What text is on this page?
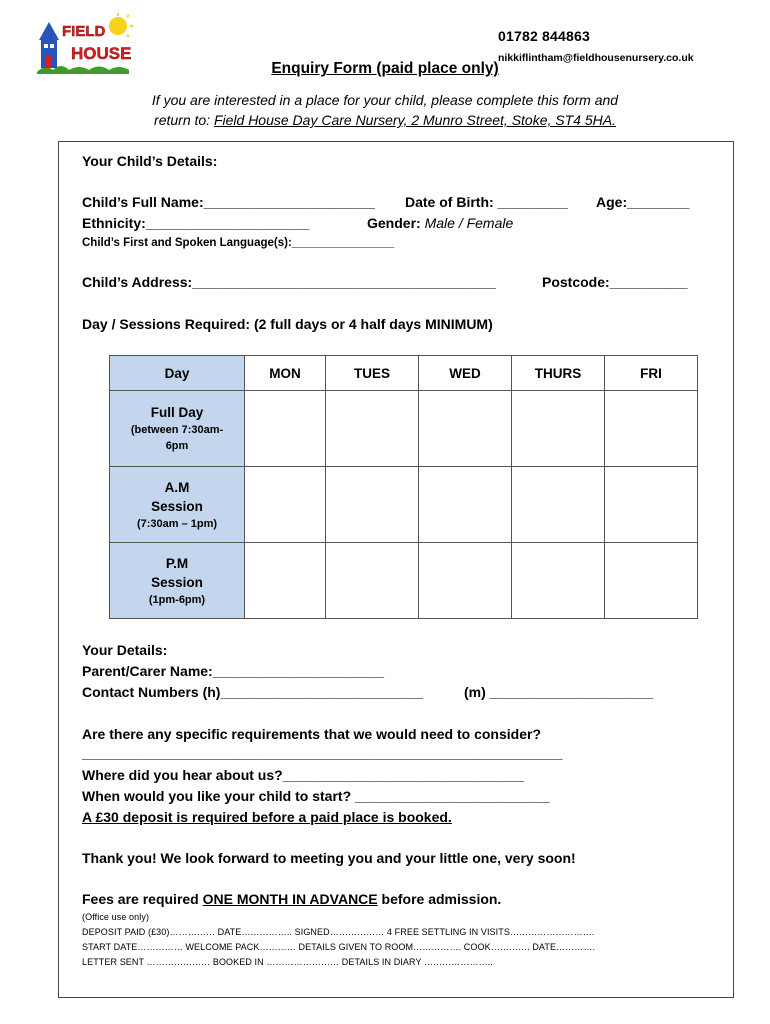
FIELD
HOUSE
01782 844863
nikkiflintham@fieldhousenursery.co.uk
Enquiry Form (paid place only)
If you are interested in a place for your child, please complete this form and
return to: Field House Day Care Nursery, 2 Munro Street, Stoke, ST4 5HA.
Your Child’s Details:
Child’s Full Name:______________________ Date of Birth: _________ Age:________
Ethnicity:_____________________	Gender: Male / Female
Child’s First and Spoken Language(s):________________
Child’s Address:_______________________________________	Postcode:__________
Day / Sessions Required: (2 full days or 4 half days MINIMUM)
Day	MON	TUES	WED	THURS	FRI

Full Day
(between 7:30am-6pm					

A.M
Session
(7:30am – 1pm)					

P.M
Session
(1pm-6pm)					

Your Details:
Parent/Carer Name:______________________
Contact Numbers (h)__________________________	(m) _____________________
Are there any specific requirements that we would need to consider?
________________________________________________________________
Where did you hear about us?_______________________________
When would you like your child to start? _________________________
A £30 deposit is required before a paid place is booked.
Thank you! We look forward to meeting you and your little one, very soon!
Fees are required ONE MONTH IN ADVANCE before admission.
(Office use only)
DEPOSIT PAID (£30)…………… DATE…………….. SIGNED……………… 4 FREE SETTLING IN VISITS……………………….
START DATE…………… WELCOME PACK………… DETAILS GIVEN TO ROOM……………. COOK…………. DATE………….
LETTER SENT ………………… BOOKED IN …………………… DETAILS IN DIARY …………………..
